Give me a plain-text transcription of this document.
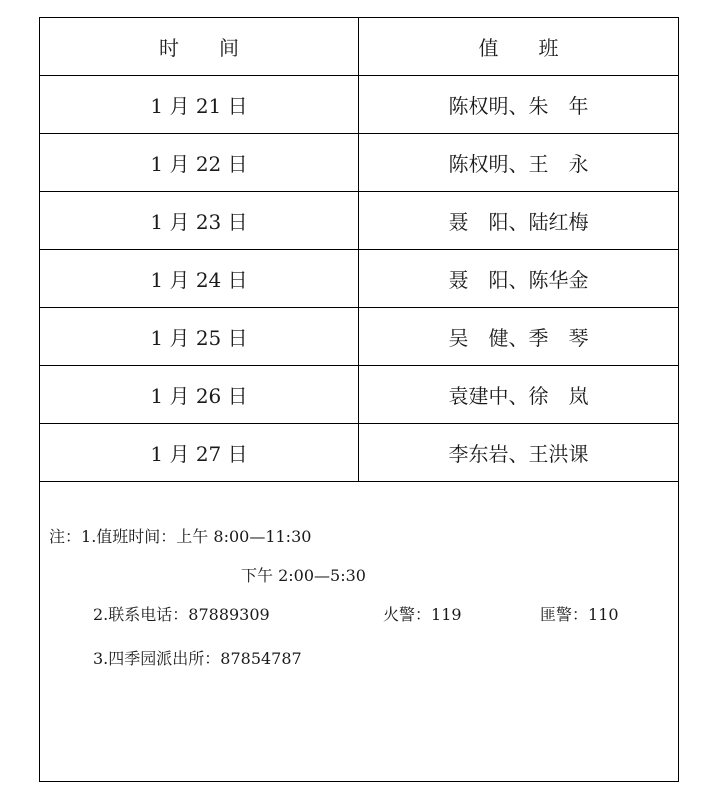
时　　间	值　　班
1 月 21 日	陈权明、朱　年
1 月 22 日	陈权明、王　永
1 月 23 日	聂　阳、陆红梅
1 月 24 日	聂　阳、陈华金
1 月 25 日	吴　健、季　琴
1 月 26 日	袁建中、徐　岚
1 月 27 日	李东岩、王洪课
注：1.值班时间：上午 8:00—11:30
下午 2:00—5:30
2.联系电话：87889309	火警：119	匪警：110
3.四季园派出所：87854787
